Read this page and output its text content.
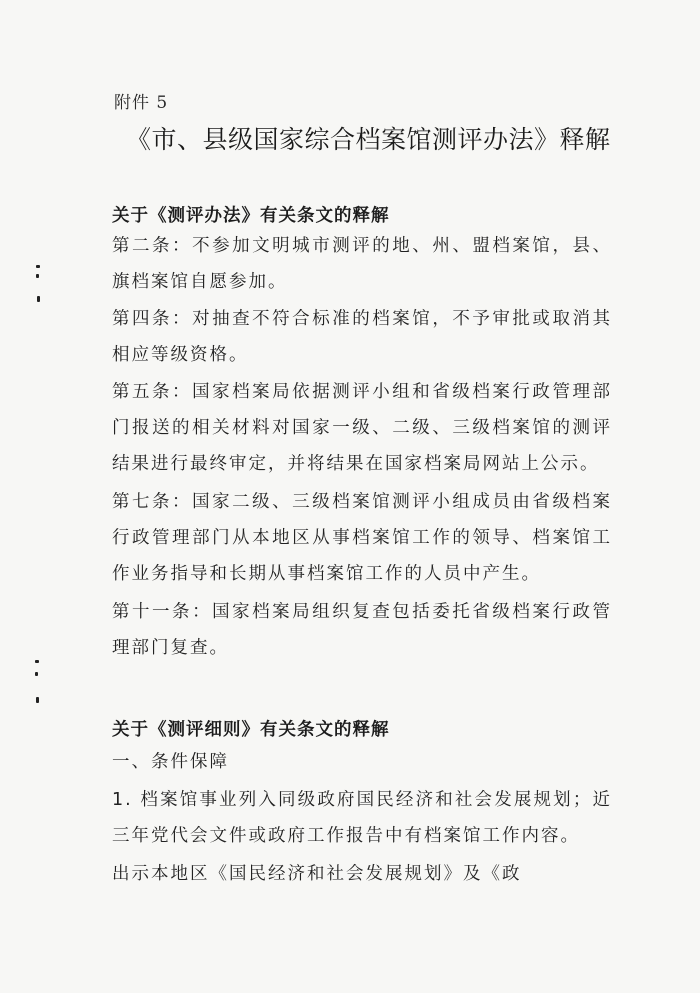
附件 5
《市、县级国家综合档案馆测评办法》释解
关于《测评办法》有关条文的释解
第二条：不参加文明城市测评的地、州、盟档案馆，县、旗档案馆自愿参加。
第四条：对抽查不符合标准的档案馆，不予审批或取消其相应等级资格。
第五条：国家档案局依据测评小组和省级档案行政管理部门报送的相关材料对国家一级、二级、三级档案馆的测评结果进行最终审定，并将结果在国家档案局网站上公示。
第七条：国家二级、三级档案馆测评小组成员由省级档案行政管理部门从本地区从事档案馆工作的领导、档案馆工作业务指导和长期从事档案馆工作的人员中产生。
第十一条：国家档案局组织复查包括委托省级档案行政管理部门复查。
关于《测评细则》有关条文的释解
一、条件保障
1. 档案馆事业列入同级政府国民经济和社会发展规划；近三年党代会文件或政府工作报告中有档案馆工作内容。
出示本地区《国民经济和社会发展规划》及《政
